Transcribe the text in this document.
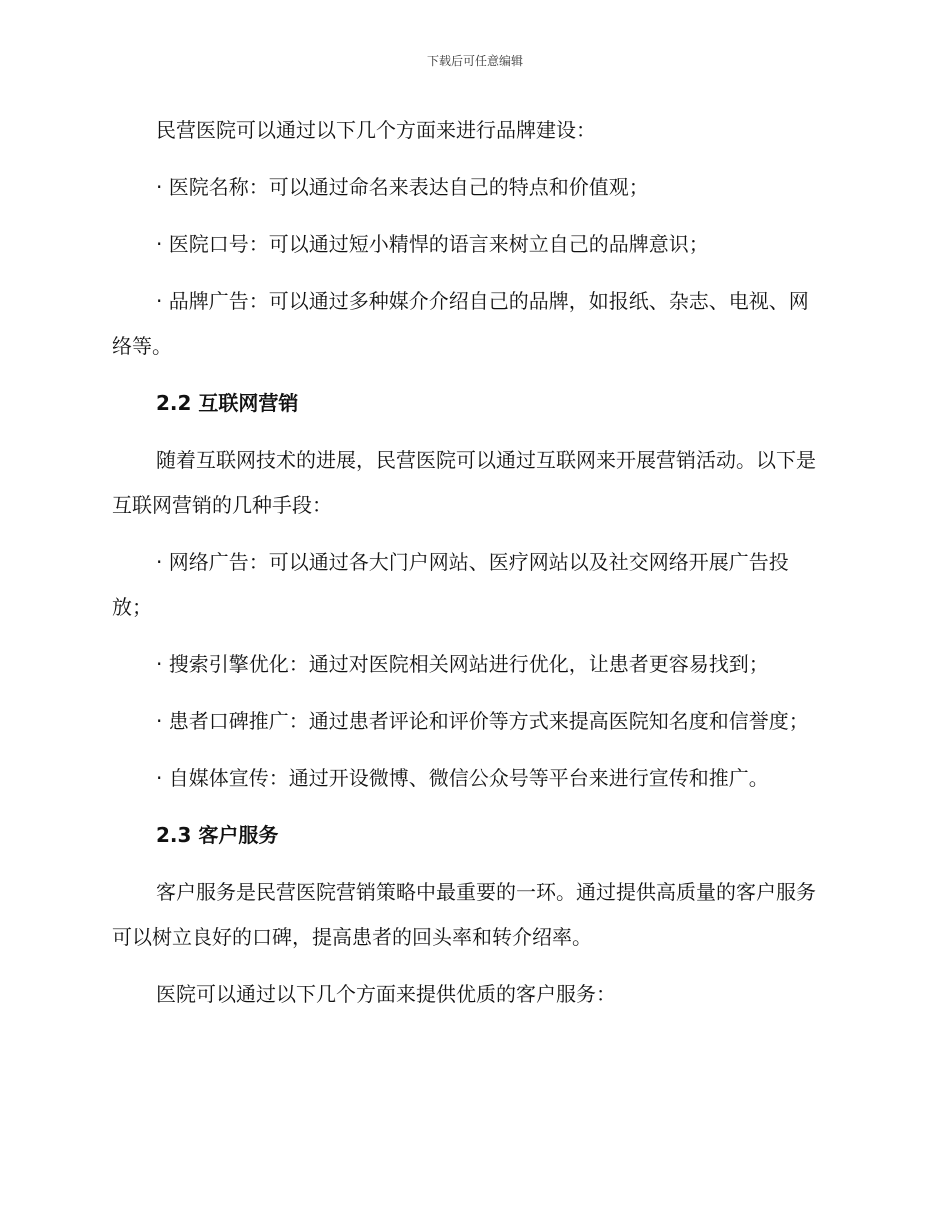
下载后可任意编辑

民营医院可以通过以下几个方面来进行品牌建设：

· 医院名称：可以通过命名来表达自己的特点和价值观；

· 医院口号：可以通过短小精悍的语言来树立自己的品牌意识；

· 品牌广告：可以通过多种媒介介绍自己的品牌，如报纸、杂志、电视、网络等。

2.2 互联网营销

随着互联网技术的进展，民营医院可以通过互联网来开展营销活动。以下是互联网营销的几种手段：

· 网络广告：可以通过各大门户网站、医疗网站以及社交网络开展广告投放；

· 搜索引擎优化：通过对医院相关网站进行优化，让患者更容易找到；

· 患者口碑推广：通过患者评论和评价等方式来提高医院知名度和信誉度；

· 自媒体宣传：通过开设微博、微信公众号等平台来进行宣传和推广。

2.3 客户服务

客户服务是民营医院营销策略中最重要的一环。通过提供高质量的客户服务可以树立良好的口碑，提高患者的回头率和转介绍率。

医院可以通过以下几个方面来提供优质的客户服务：
